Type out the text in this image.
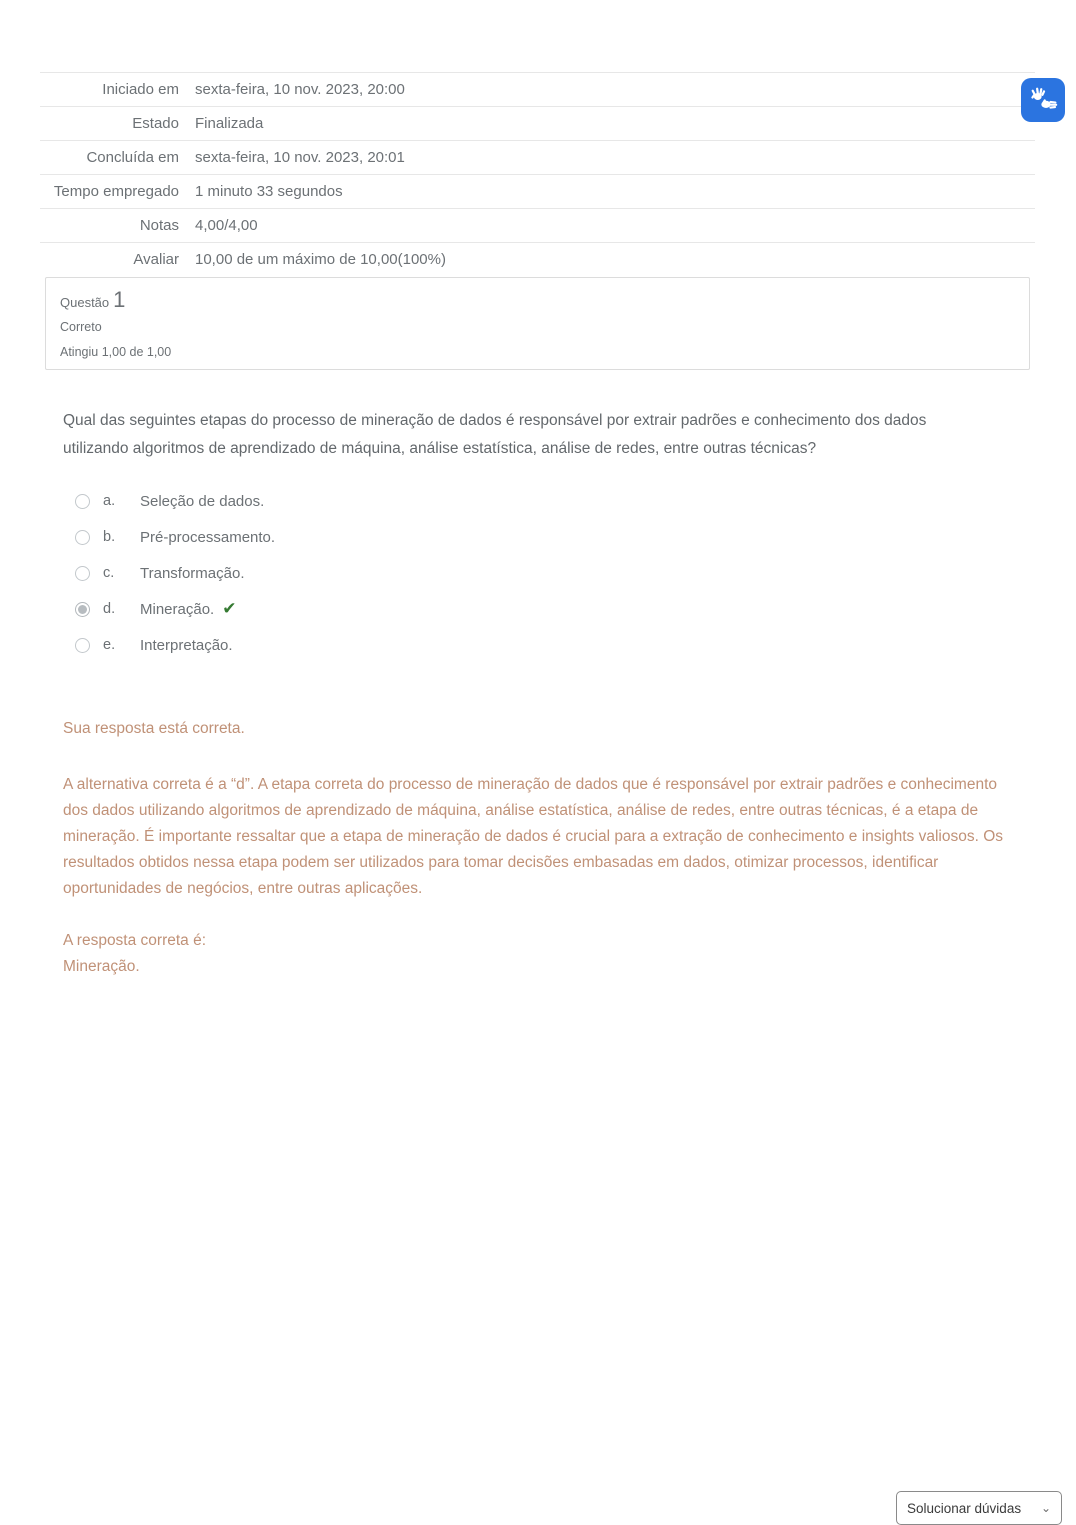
Iniciado em	sexta-feira, 10 nov. 2023, 20:00
Estado	Finalizada
Concluída em	sexta-feira, 10 nov. 2023, 20:01
Tempo empregado	1 minuto 33 segundos
Notas	4,00/4,00
Avaliar	10,00 de um máximo de 10,00(100%)
Questão 1
Correto
Atingiu 1,00 de 1,00
Qual das seguintes etapas do processo de mineração de dados é responsável por extrair padrões e conhecimento dos dados utilizando algoritmos de aprendizado de máquina, análise estatística, análise de redes, entre outras técnicas?
a.	Seleção de dados.
b.	Pré-processamento.
c.	Transformação.
d.	Mineração. ✔
e.	Interpretação.
Sua resposta está correta.
A alternativa correta é a “d”. A etapa correta do processo de mineração de dados que é responsável por extrair padrões e conhecimento dos dados utilizando algoritmos de aprendizado de máquina, análise estatística, análise de redes, entre outras técnicas, é a etapa de mineração. É importante ressaltar que a etapa de mineração de dados é crucial para a extração de conhecimento e insights valiosos. Os resultados obtidos nessa etapa podem ser utilizados para tomar decisões embasadas em dados, otimizar processos, identificar oportunidades de negócios, entre outras aplicações.
A resposta correta é:
Mineração.
Solucionar dúvidas ⌄
